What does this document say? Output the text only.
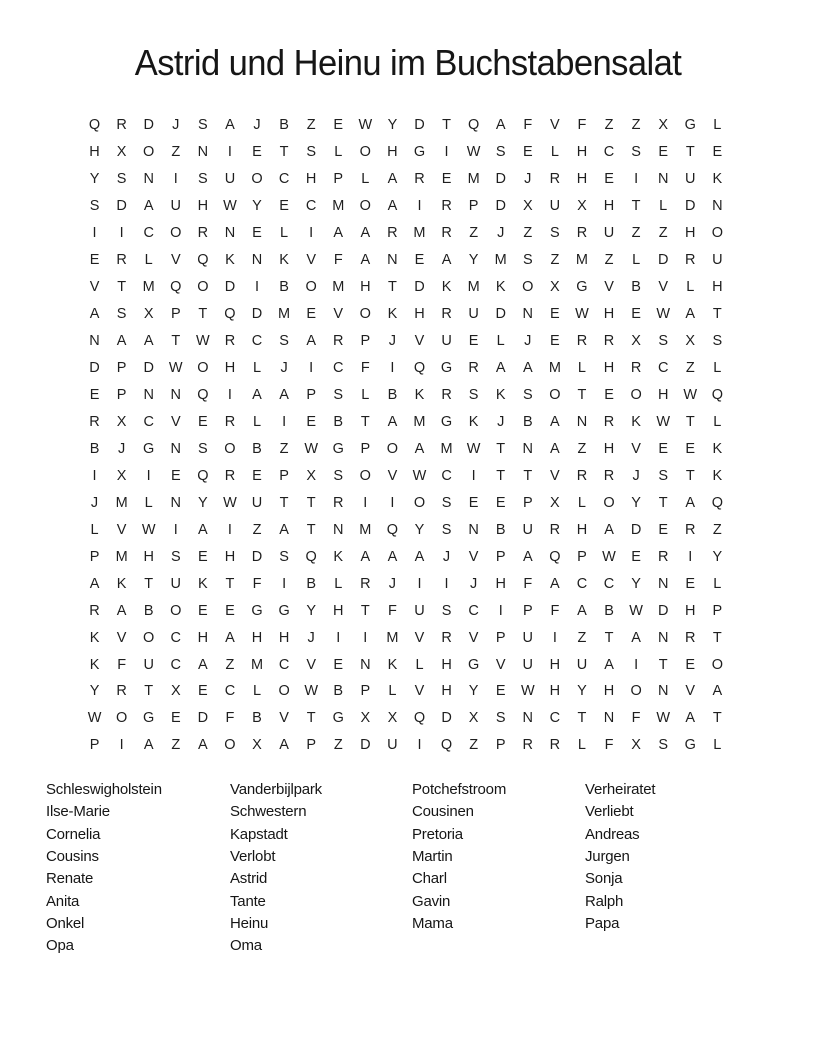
Astrid und Heinu im Buchstabensalat
Q	R	D	J	S	A	J	B	Z	E	W	Y	D	T	Q	A	F	V	F	Z	Z	X	G	L
H	X	O	Z	N	I	E	T	S	L	O	H	G	I	W	S	E	L	H	C	S	E	T	E
Y	S	N	I	S	U	O	C	H	P	L	A	R	E	M	D	J	R	H	E	I	N	U	K
S	D	A	U	H	W	Y	E	C	M	O	A	I	R	P	D	X	U	X	H	T	L	D	N
I	I	C	O	R	N	E	L	I	A	A	R	M	R	Z	J	Z	S	R	U	Z	Z	H	O
E	R	L	V	Q	K	N	K	V	F	A	N	E	A	Y	M	S	Z	M	Z	L	D	R	U
V	T	M	Q	O	D	I	B	O	M	H	T	D	K	M	K	O	X	G	V	B	V	L	H
A	S	X	P	T	Q	D	M	E	V	O	K	H	R	U	D	N	E	W	H	E	W	A	T
N	A	A	T	W	R	C	S	A	R	P	J	V	U	E	L	J	E	R	R	X	S	X	S
D	P	D	W	O	H	L	J	I	C	F	I	Q	G	R	A	A	M	L	H	R	C	Z	L
E	P	N	N	Q	I	A	A	P	S	L	B	K	R	S	K	S	O	T	E	O	H	W	Q
R	X	C	V	E	R	L	I	E	B	T	A	M	G	K	J	B	A	N	R	K	W	T	L
B	J	G	N	S	O	B	Z	W	G	P	O	A	M W	T	N	A	Z	H	V	E	E	K
I	X	I	E	Q	R	E	P	X	S	O	V	W	C	I	T	T	V	R	R	J	S	T	K
J	M	L	N	Y	W	U	T	T	R	I	I	O	S	E	E	P	X	L	O	Y	T	A	Q
L	V	W	I	A	I	Z	A	T	N	M	Q	Y	S	N	B	U	R	H	A	D	E	R	Z
P	M	H	S	E	H	D	S	Q	K	A	A	A	J	V	P	A	Q	P	W	E	R	I	Y
A	K	T	U	K	T	F	I	B	L	R	J	I	I	J	H	F	A	C	C	Y	N	E	L
R	A	B	O	E	E	G	G	Y	H	T	F	U	S	C	I	P	F	A	B	W	D	H	P
K	V	O	C	H	A	H	H	J	I	I	M	V	R	V	P	U	I	Z	T	A	N	R	T
K	F	U	C	A	Z	M	C	V	E	N	K	L	H	G	V	U	H	U	A	I	T	E	O
Y	R	T	X	E	C	L	O	W	B	P	L	V	H	Y	E	W	H	Y	H	O	N	V	A
W	O	G	E	D	F	B	V	T	G	X	X	Q	D	X	S	N	C	T	N	F	W	A	T
P	I	A	Z	A	O	X	A	P	Z	D	U	I	Q	Z	P	R	R	L	F	X	S	G	L
Schleswigholstein
Ilse-Marie
Cornelia
Cousins
Renate
Anita
Onkel
Opa
Vanderbijlpark
Schwestern
Kapstadt
Verlobt
Astrid
Tante
Heinu
Oma
Potchefstroom
Cousinen
Pretoria
Martin
Charl
Gavin
Mama
Verheiratet
Verliebt
Andreas
Jurgen
Sonja
Ralph
Papa
